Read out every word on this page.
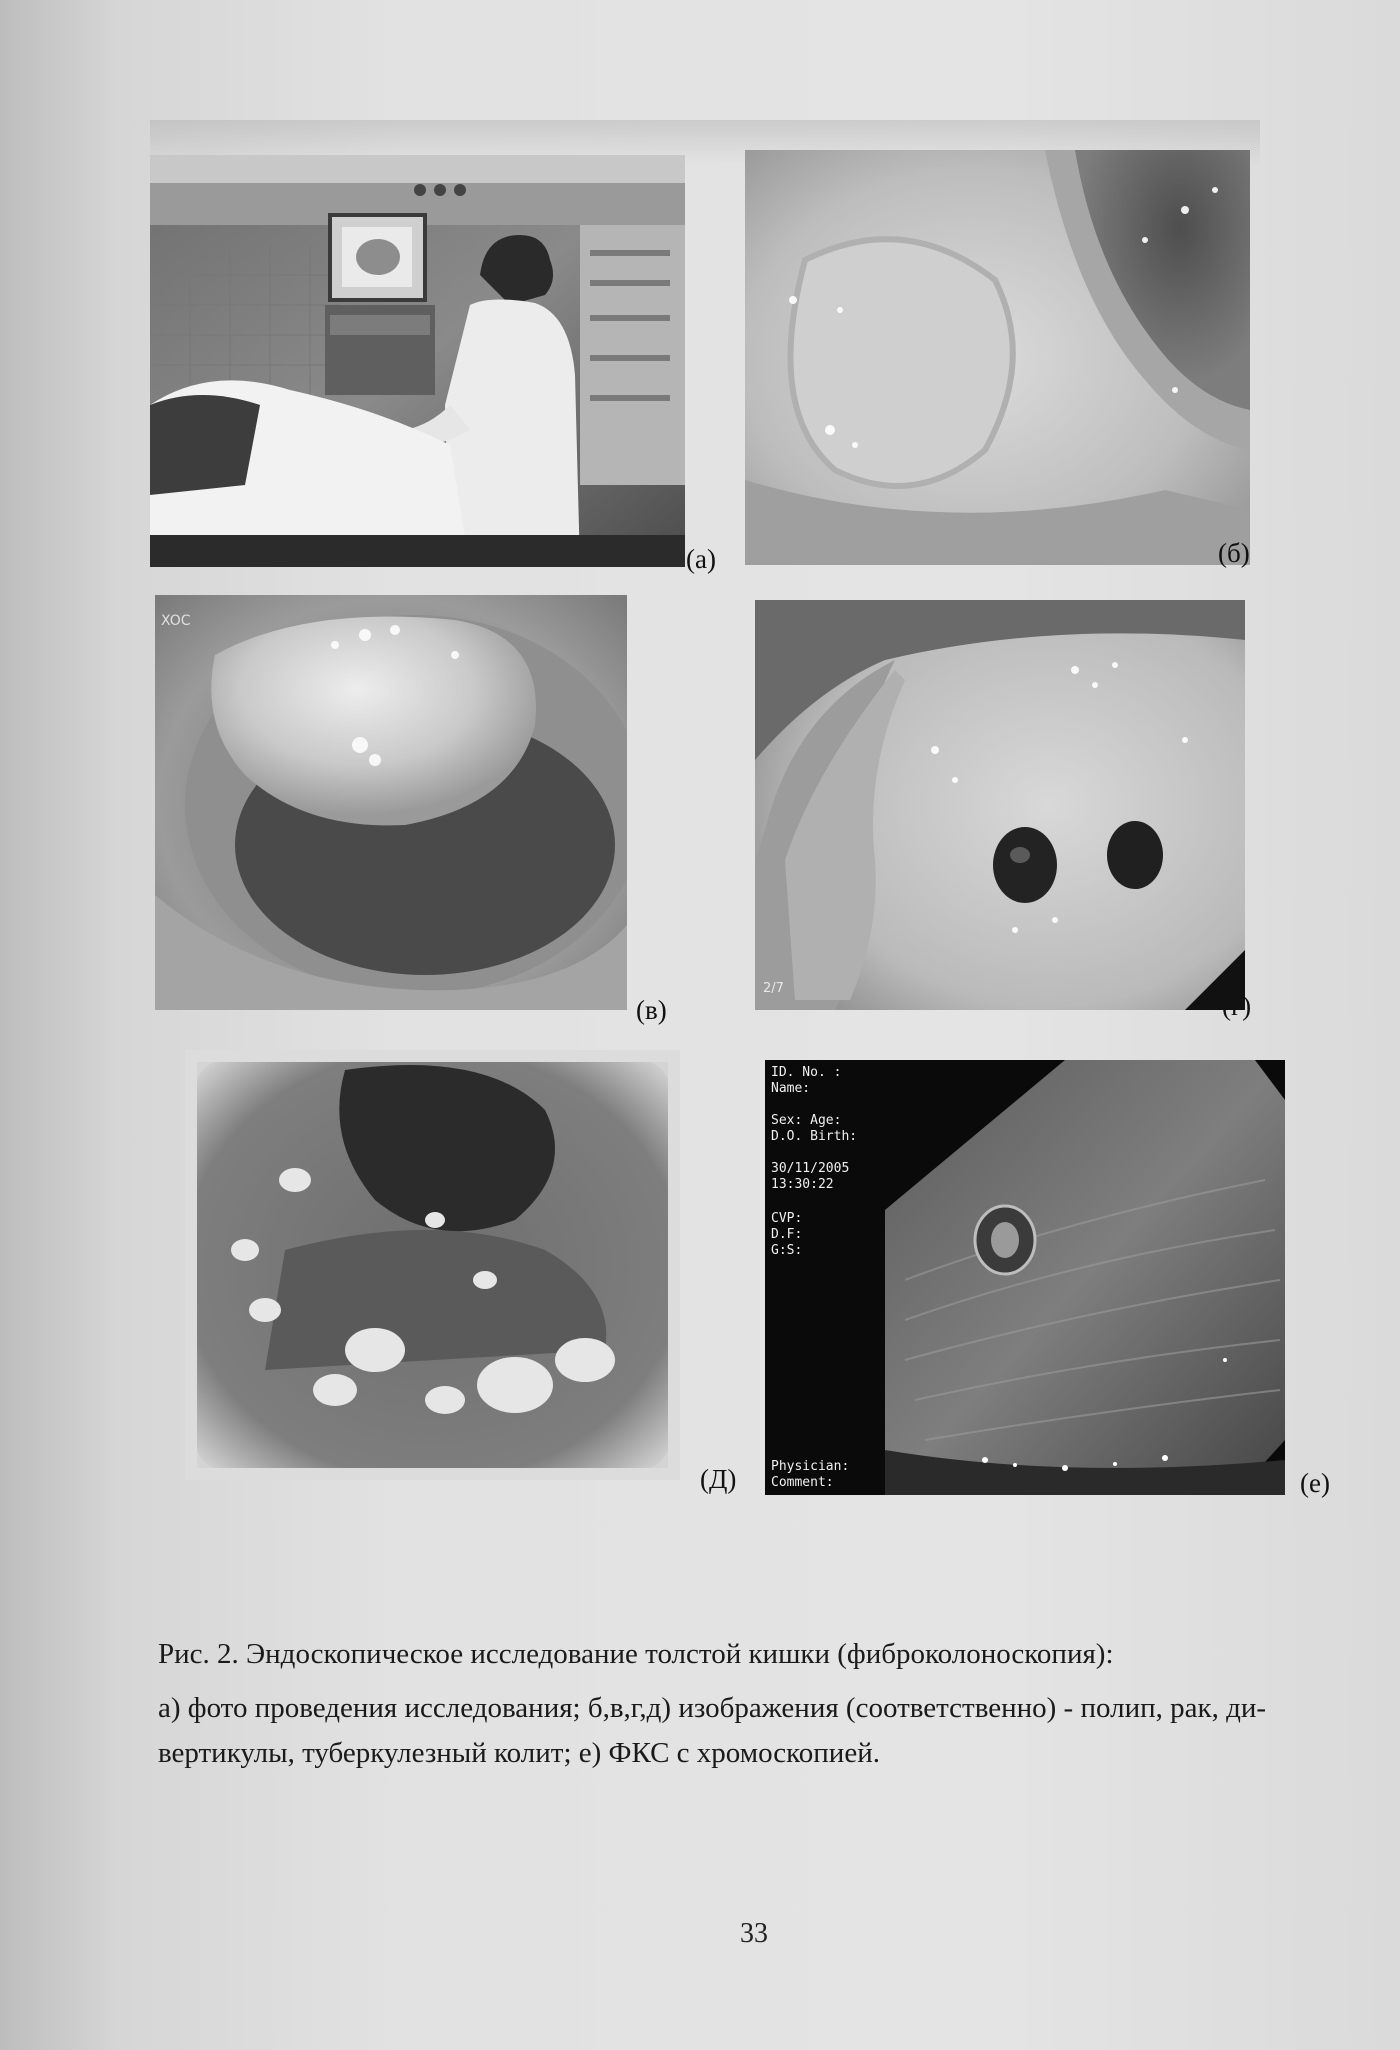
(а)	(б)
XOC
(в)
2/7
(г)
(Д)
ID. No. :
Name:
Sex: Age:
D.O. Birth:
30/11/2005
13:30:22
CVP:
D.F:
G:S:
Physician:
Comment:	(е)

Рис. 2. Эндоскопическое исследование толстой кишки (фиброколоноскопия):

а) фото проведения исследования; б,в,г,д) изображения (соответственно) - полип, рак, ди-

вертикулы, туберкулезный колит; е) ФКС с хромоскопией.

33
